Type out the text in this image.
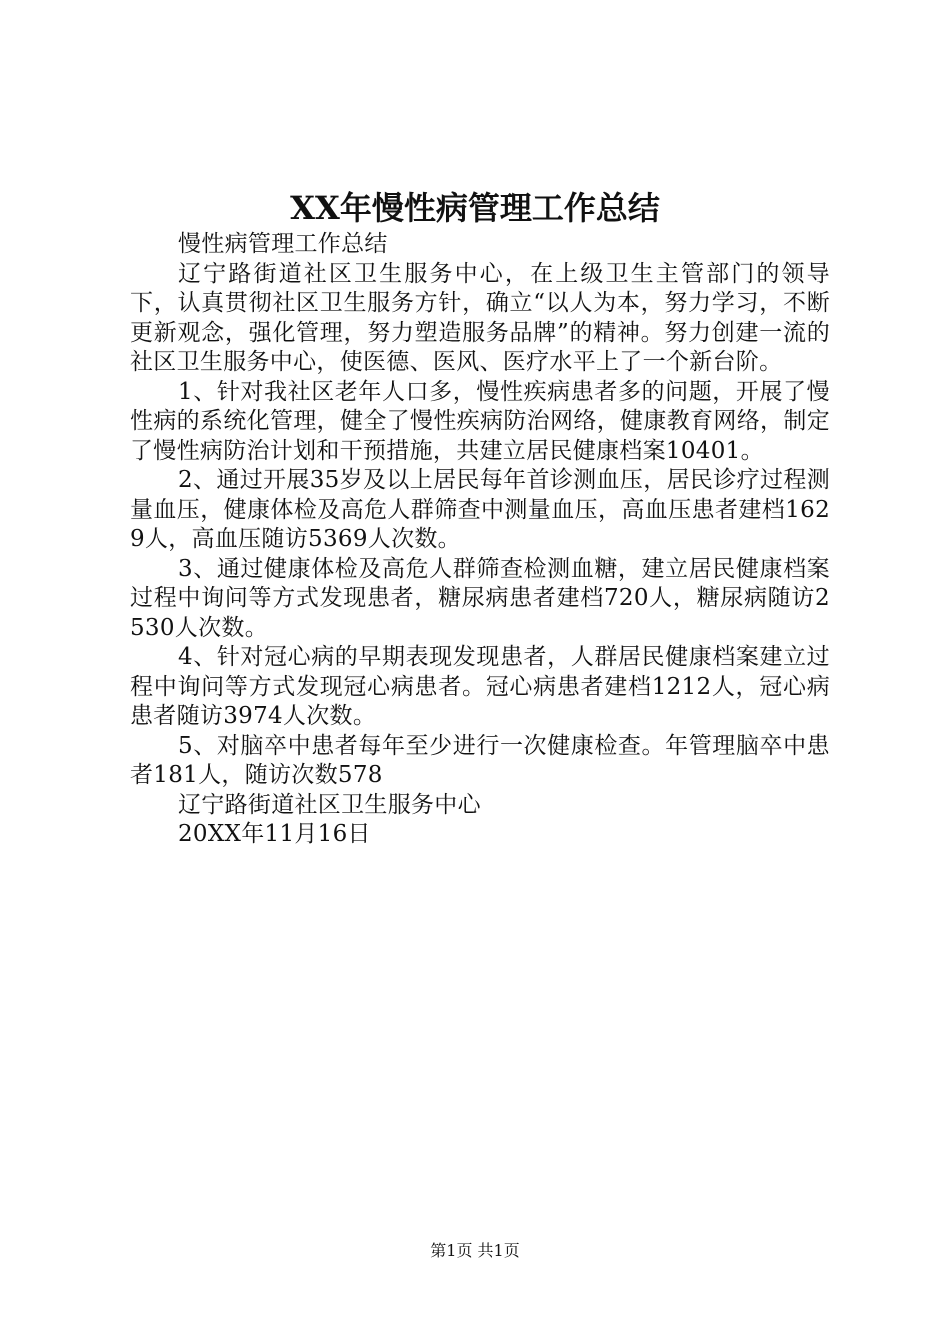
XX年慢性病管理工作总结

慢性病管理工作总结

辽宁路街道社区卫生服务中心，在上级卫生主管部门的领导下，认真贯彻社区卫生服务方针，确立“以人为本，努力学习，不断更新观念，强化管理，努力塑造服务品牌”的精神。努力创建一流的社区卫生服务中心，使医德、医风、医疗水平上了一个新台阶。

1、针对我社区老年人口多，慢性疾病患者多的问题，开展了慢性病的系统化管理，健全了慢性疾病防治网络，健康教育网络，制定了慢性病防治计划和干预措施，共建立居民健康档案10401。

2、通过开展35岁及以上居民每年首诊测血压，居民诊疗过程测量血压，健康体检及高危人群筛查中测量血压，高血压患者建档1629人，高血压随访5369人次数。

3、通过健康体检及高危人群筛查检测血糖，建立居民健康档案过程中询问等方式发现患者，糖尿病患者建档720人，糖尿病随访2530人次数。

4、针对冠心病的早期表现发现患者，人群居民健康档案建立过程中询问等方式发现冠心病患者。冠心病患者建档1212人，冠心病患者随访3974人次数。

5、对脑卒中患者每年至少进行一次健康检查。年管理脑卒中患者181人，随访次数578

辽宁路街道社区卫生服务中心

20XX年11月16日

第1页 共1页
